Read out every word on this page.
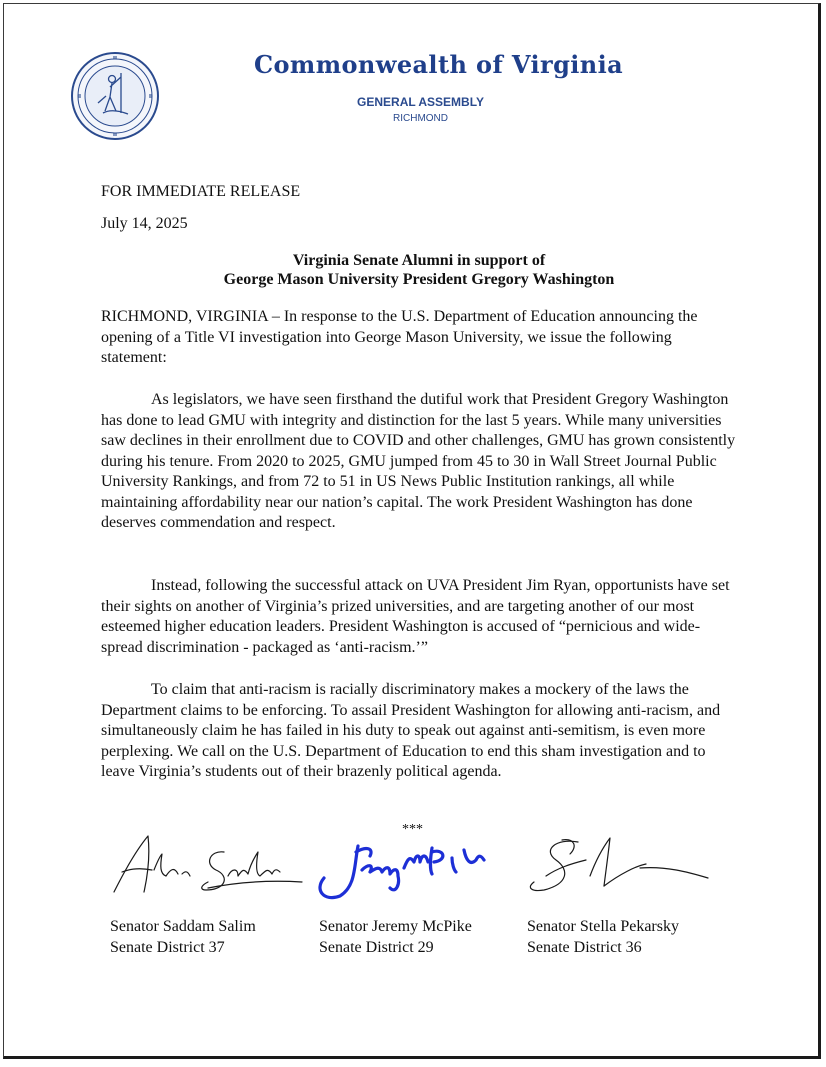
Commonwealth of Virginia
GENERAL ASSEMBLY
RICHMOND
FOR IMMEDIATE RELEASE
July 14, 2025
Virginia Senate Alumni in support of
George Mason University President Gregory Washington
RICHMOND, VIRGINIA – In response to the U.S. Department of Education announcing the opening of a Title VI investigation into George Mason University, we issue the following statement:
As legislators, we have seen firsthand the dutiful work that President Gregory Washington has done to lead GMU with integrity and distinction for the last 5 years. While many universities saw declines in their enrollment due to COVID and other challenges, GMU has grown consistently during his tenure. From 2020 to 2025, GMU jumped from 45 to 30 in Wall Street Journal Public University Rankings, and from 72 to 51 in US News Public Institution rankings, all while maintaining affordability near our nation’s capital. The work President Washington has done deserves commendation and respect.
Instead, following the successful attack on UVA President Jim Ryan, opportunists have set their sights on another of Virginia’s prized universities, and are targeting another of our most esteemed higher education leaders. President Washington is accused of “pernicious and wide-spread discrimination - packaged as ‘anti-racism.’”
To claim that anti-racism is racially discriminatory makes a mockery of the laws the Department claims to be enforcing. To assail President Washington for allowing anti-racism, and simultaneously claim he has failed in his duty to speak out against anti-semitism, is even more perplexing. We call on the U.S. Department of Education to end this sham investigation and to leave Virginia’s students out of their brazenly political agenda.
***
Senator Saddam Salim
Senate District 37
Senator Jeremy McPike
Senate District 29
Senator Stella Pekarsky
Senate District 36
